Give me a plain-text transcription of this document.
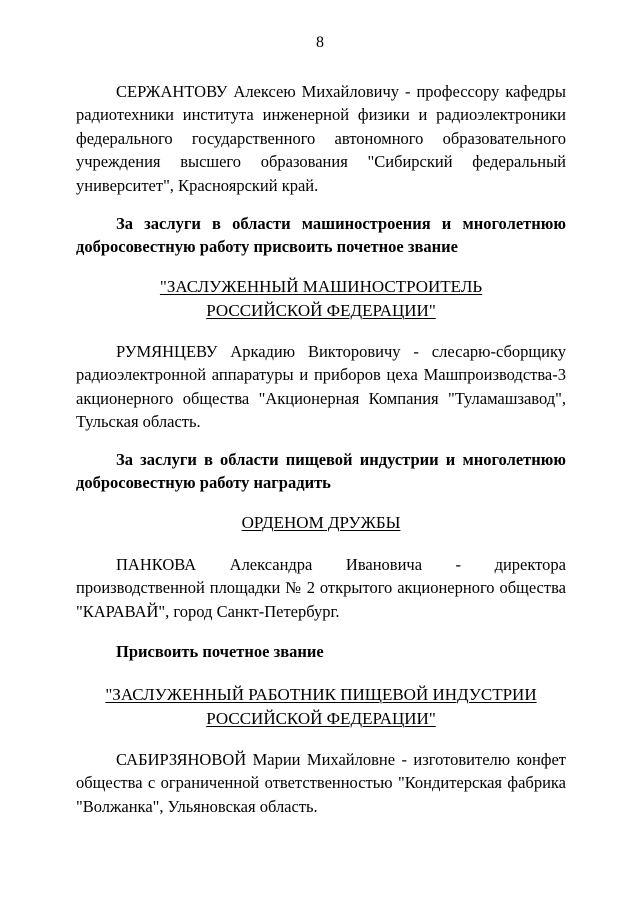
8
СЕРЖАНТОВУ Алексею Михайловичу - профессору кафедры радиотехники института инженерной физики и радиоэлектроники федерального государственного автономного образовательного учреждения высшего образования "Сибирский федеральный университет", Красноярский край.
За заслуги в области машиностроения и многолетнюю добросовестную работу присвоить почетное звание
"ЗАСЛУЖЕННЫЙ МАШИНОСТРОИТЕЛЬ
РОССИЙСКОЙ ФЕДЕРАЦИИ"
РУМЯНЦЕВУ Аркадию Викторовичу - слесарю-сборщику радиоэлектронной аппаратуры и приборов цеха Машпроизводства-3 акционерного общества "Акционерная Компания "Туламашзавод", Тульская область.
За заслуги в области пищевой индустрии и многолетнюю добросовестную работу наградить
ОРДЕНОМ ДРУЖБЫ
ПАНКОВА Александра Ивановича - директора производственной площадки № 2 открытого акционерного общества "КАРАВАЙ", город Санкт-Петербург.
Присвоить почетное звание
"ЗАСЛУЖЕННЫЙ РАБОТНИК ПИЩЕВОЙ ИНДУСТРИИ
РОССИЙСКОЙ ФЕДЕРАЦИИ"
САБИРЗЯНОВОЙ Марии Михайловне - изготовителю конфет общества с ограниченной ответственностью "Кондитерская фабрика "Волжанка", Ульяновская область.
